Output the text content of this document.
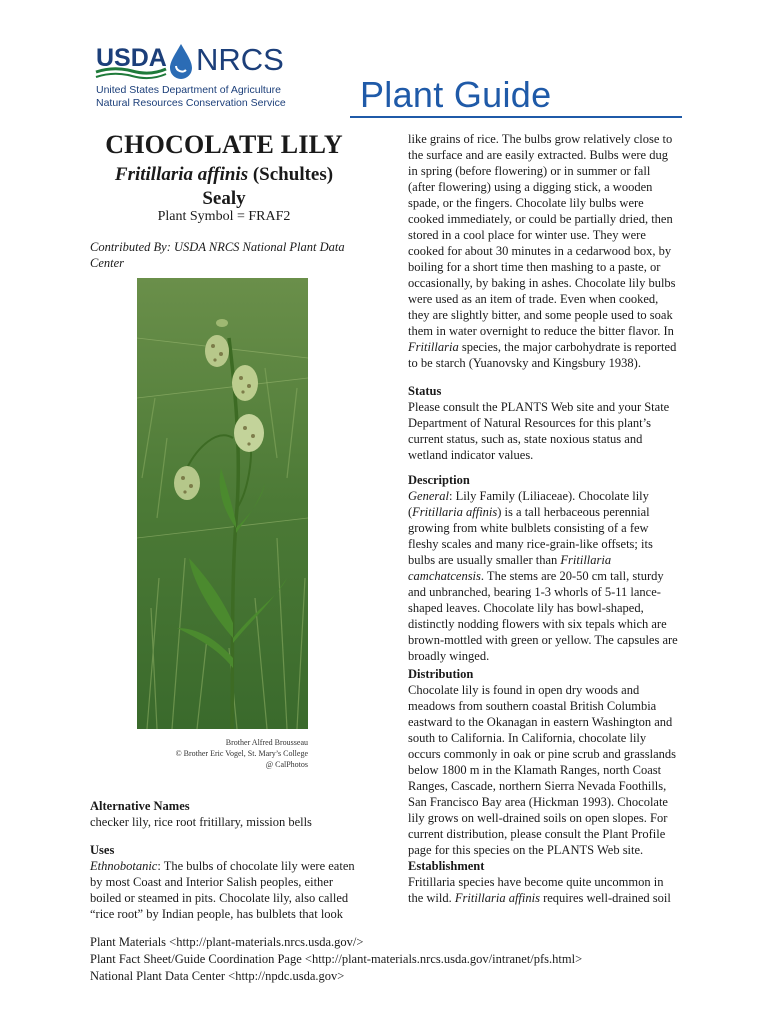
USDA NRCS
United States Department of Agriculture
Natural Resources Conservation Service Plant Guide
CHOCOLATE LILY
Fritillaria affinis (Schultes)
Sealy
Plant Symbol = FRAF2
Contributed By: USDA NRCS National Plant Data Center
Brother Alfred Brousseau
© Brother Eric Vogel, St. Mary’s College
@ CalPhotos
Alternative Names
checker lily, rice root fritillary, mission bells
Uses
Ethnobotanic: The bulbs of chocolate lily were eaten by most Coast and Interior Salish peoples, either boiled or steamed in pits. Chocolate lily, also called “rice root” by Indian people, has bulblets that look
like grains of rice. The bulbs grow relatively close to the surface and are easily extracted. Bulbs were dug in spring (before flowering) or in summer or fall (after flowering) using a digging stick, a wooden spade, or the fingers. Chocolate lily bulbs were cooked immediately, or could be partially dried, then stored in a cool place for winter use. They were cooked for about 30 minutes in a cedarwood box, by boiling for a short time then mashing to a paste, or occasionally, by baking in ashes. Chocolate lily bulbs were used as an item of trade. Even when cooked, they are slightly bitter, and some people used to soak them in water overnight to reduce the bitter flavor. In Fritillaria species, the major carbohydrate is reported to be starch (Yuanovsky and Kingsbury 1938).
Status
Please consult the PLANTS Web site and your State Department of Natural Resources for this plant’s current status, such as, state noxious status and wetland indicator values.
Description
General: Lily Family (Liliaceae). Chocolate lily (Fritillaria affinis) is a tall herbaceous perennial growing from white bulblets consisting of a few fleshy scales and many rice-grain-like offsets; its bulbs are usually smaller than Fritillaria camchatcensis. The stems are 20-50 cm tall, sturdy and unbranched, bearing 1-3 whorls of 5-11 lance-shaped leaves. Chocolate lily has bowl-shaped, distinctly nodding flowers with six tepals which are brown-mottled with green or yellow. The capsules are broadly winged.
Distribution
Chocolate lily is found in open dry woods and meadows from southern coastal British Columbia eastward to the Okanagan in eastern Washington and south to California. In California, chocolate lily occurs commonly in oak or pine scrub and grasslands below 1800 m in the Klamath Ranges, north Coast Ranges, Cascade, northern Sierra Nevada Foothills, San Francisco Bay area (Hickman 1993). Chocolate lily grows on well-drained soils on open slopes. For current distribution, please consult the Plant Profile page for this species on the PLANTS Web site.
Establishment
Fritillaria species have become quite uncommon in the wild. Fritillaria affinis requires well-drained soil
Plant Materials <http://plant-materials.nrcs.usda.gov/>
Plant Fact Sheet/Guide Coordination Page <http://plant-materials.nrcs.usda.gov/intranet/pfs.html>
National Plant Data Center <http://npdc.usda.gov>
